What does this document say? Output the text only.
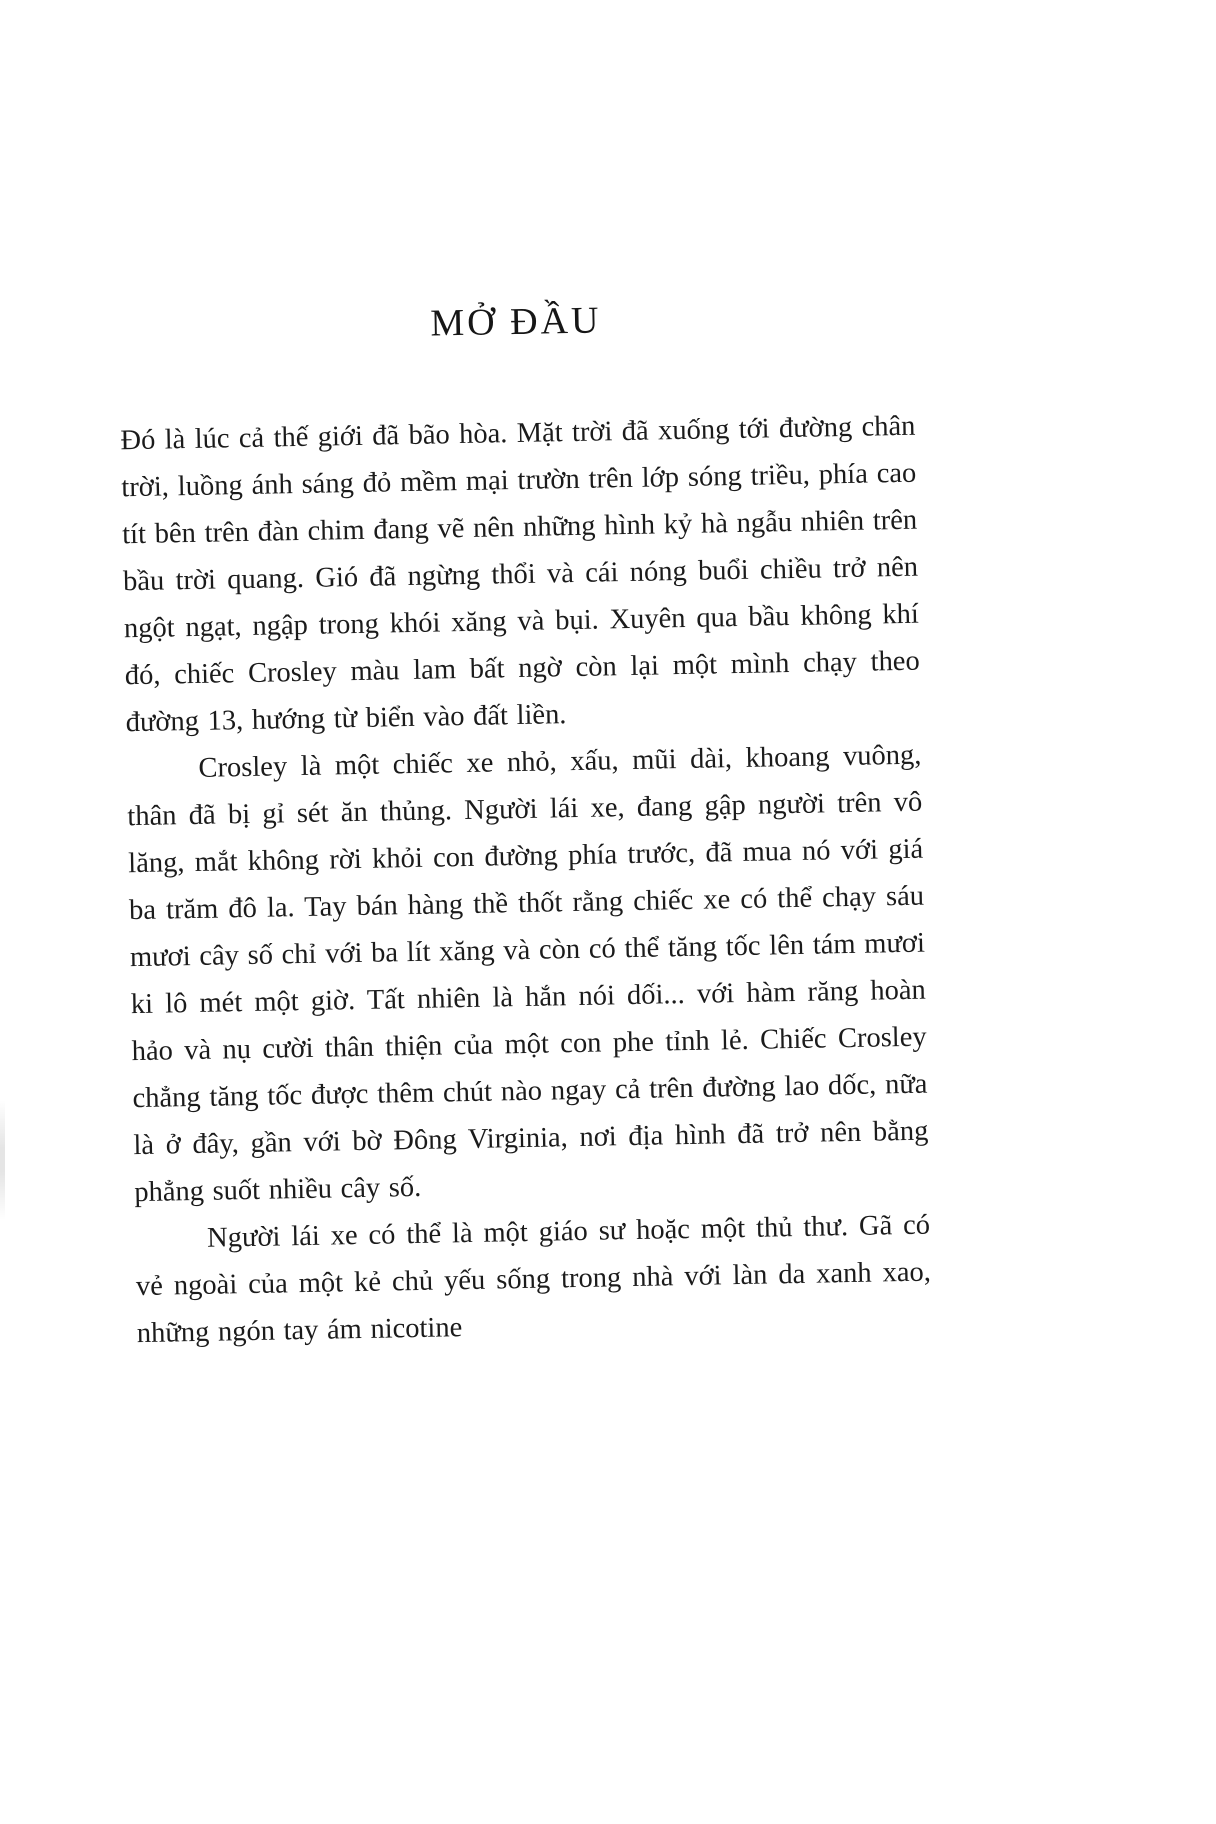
MỞ ĐẦU

Đó là lúc cả thế giới đã bão hòa. Mặt trời đã xuống tới đường chân trời, luồng ánh sáng đỏ mềm mại trườn trên lớp sóng triều, phía cao tít bên trên đàn chim đang vẽ nên những hình kỷ hà ngẫu nhiên trên bầu trời quang. Gió đã ngừng thổi và cái nóng buổi chiều trở nên ngột ngạt, ngập trong khói xăng và bụi. Xuyên qua bầu không khí đó, chiếc Crosley màu lam bất ngờ còn lại một mình chạy theo đường 13, hướng từ biển vào đất liền.

Crosley là một chiếc xe nhỏ, xấu, mũi dài, khoang vuông, thân đã bị gỉ sét ăn thủng. Người lái xe, đang gập người trên vô lăng, mắt không rời khỏi con đường phía trước, đã mua nó với giá ba trăm đô la. Tay bán hàng thề thốt rằng chiếc xe có thể chạy sáu mươi cây số chỉ với ba lít xăng và còn có thể tăng tốc lên tám mươi ki lô mét một giờ. Tất nhiên là hắn nói dối... với hàm răng hoàn hảo và nụ cười thân thiện của một con phe tỉnh lẻ. Chiếc Crosley chẳng tăng tốc được thêm chút nào ngay cả trên đường lao dốc, nữa là ở đây, gần với bờ Đông Virginia, nơi địa hình đã trở nên bằng phẳng suốt nhiều cây số.

Người lái xe có thể là một giáo sư hoặc một thủ thư. Gã có vẻ ngoài của một kẻ chủ yếu sống trong nhà với làn da xanh xao, những ngón tay ám nicotine
